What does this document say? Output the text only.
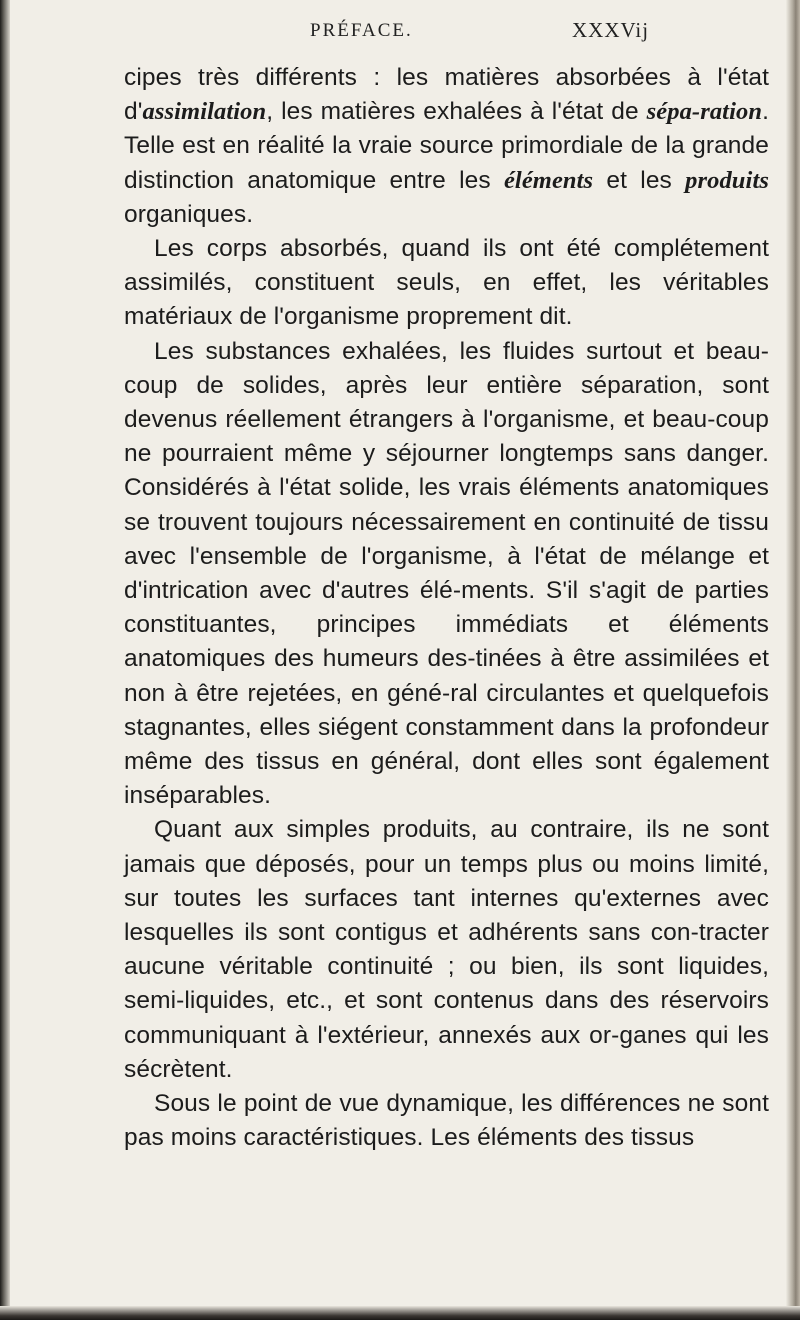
PRÉFACE.	XXXVij

cipes très différents : les matières absorbées à l'état d'assimilation, les matières exhalées à l'état de sépa-ration. Telle est en réalité la vraie source primordiale de la grande distinction anatomique entre les éléments et les produits organiques.

Les corps absorbés, quand ils ont été complétement assimilés, constituent seuls, en effet, les véritables matériaux de l'organisme proprement dit.

Les substances exhalées, les fluides surtout et beau-coup de solides, après leur entière séparation, sont devenus réellement étrangers à l'organisme, et beau-coup ne pourraient même y séjourner longtemps sans danger. Considérés à l'état solide, les vrais éléments anatomiques se trouvent toujours nécessairement en continuité de tissu avec l'ensemble de l'organisme, à l'état de mélange et d'intrication avec d'autres élé-ments. S'il s'agit de parties constituantes, principes immédiats et éléments anatomiques des humeurs des-tinées à être assimilées et non à être rejetées, en géné-ral circulantes et quelquefois stagnantes, elles siégent constamment dans la profondeur même des tissus en général, dont elles sont également inséparables.

Quant aux simples produits, au contraire, ils ne sont jamais que déposés, pour un temps plus ou moins limité, sur toutes les surfaces tant internes qu'externes avec lesquelles ils sont contigus et adhérents sans con-tracter aucune véritable continuité ; ou bien, ils sont liquides, semi-liquides, etc., et sont contenus dans des réservoirs communiquant à l'extérieur, annexés aux or-ganes qui les sécrètent.

Sous le point de vue dynamique, les différences ne sont pas moins caractéristiques. Les éléments des tissus
